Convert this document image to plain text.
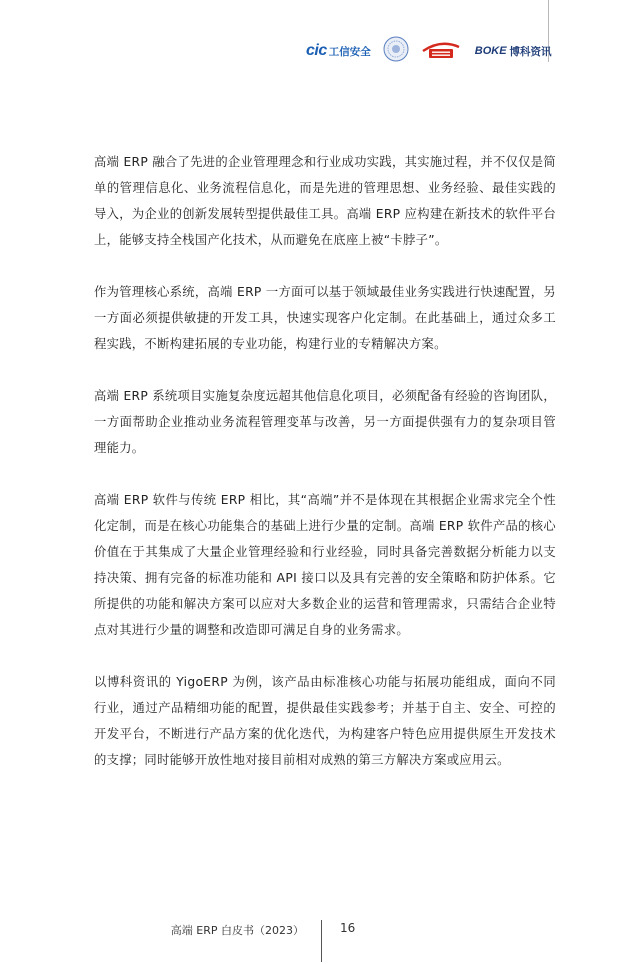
cic 工信安全	BOKE 博科资讯

高端 ERP 融合了先进的企业管理理念和行业成功实践，其实施过程，并不仅仅是简单的管理信息化、业务流程信息化，而是先进的管理思想、业务经验、最佳实践的导入，为企业的创新发展转型提供最佳工具。高端 ERP 应构建在新技术的软件平台上，能够支持全栈国产化技术，从而避免在底座上被“卡脖子”。

作为管理核心系统，高端 ERP 一方面可以基于领域最佳业务实践进行快速配置，另一方面必须提供敏捷的开发工具，快速实现客户化定制。在此基础上，通过众多工程实践，不断构建拓展的专业功能，构建行业的专精解决方案。

高端 ERP 系统项目实施复杂度远超其他信息化项目，必须配备有经验的咨询团队，一方面帮助企业推动业务流程管理变革与改善，另一方面提供强有力的复杂项目管理能力。

高端 ERP 软件与传统 ERP 相比，其“高端”并不是体现在其根据企业需求完全个性化定制，而是在核心功能集合的基础上进行少量的定制。高端 ERP 软件产品的核心价值在于其集成了大量企业管理经验和行业经验，同时具备完善数据分析能力以支持决策、拥有完备的标准功能和 API 接口以及具有完善的安全策略和防护体系。它所提供的功能和解决方案可以应对大多数企业的运营和管理需求，只需结合企业特点对其进行少量的调整和改造即可满足自身的业务需求。

以博科资讯的 YigoERP 为例，该产品由标准核心功能与拓展功能组成，面向不同行业，通过产品精细功能的配置，提供最佳实践参考；并基于自主、安全、可控的开发平台，不断进行产品方案的优化迭代，为构建客户特色应用提供原生开发技术的支撑；同时能够开放性地对接目前相对成熟的第三方解决方案或应用云。

高端 ERP 白皮书（2023）	16
